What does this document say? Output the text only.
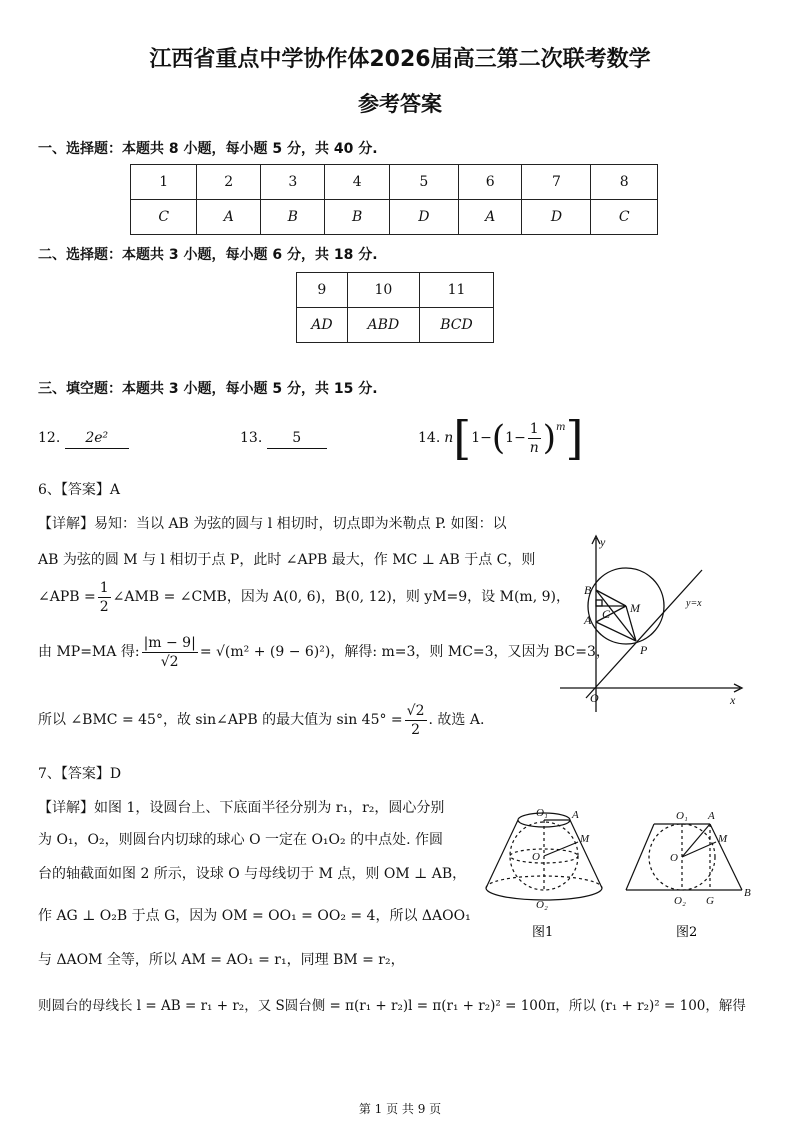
江西省重点中学协作体2026届高三第二次联考数学
参考答案
一、选择题：本题共 8 小题，每小题 5 分，共 40 分.
1	2	3	4	5	6	7	8
C	A	B	B	D	A	D	C
二、选择题：本题共 3 小题，每小题 6 分，共 18 分.
9	10	11
AD	ABD	BCD
三、填空题：本题共 3 小题，每小题 5 分，共 15 分.
12. 2e²	13. 5	14. n [ 1− ( $1- \frac{1}{n} )^m$ ]
6、【答案】A
【详解】易知：当以 AB 为弦的圆与 l 相切时，切点即为米勒点 P. 如图：以
AB 为弦的圆 M 与 l 相切于点 P，此时 ∠APB 最大，作 MC ⊥ AB 于点 C，则
∠APB = $\frac{1}{2}$ ∠AMB = ∠CMB，因为 A(0, 6)，B(0, 12)，则 yM=9，设 M(m, 9)，
由 MP=MA 得: $\frac{|m - 9|}{√2} = √(m^2 + (9 - 6)^2)$，解得: m=3，则 MC=3，又因为 BC=3，
所以 ∠BMC = 45°，故 sin∠APB 的最大值为 $\sin 45^\circ = \frac{√2}{2}$ . 故选 A.
y
x
B
A C M
P
O
y=x
7、【答案】D
【详解】如图 1，设圆台上、下底面半径分别为 r₁，r₂，圆心分别
为 O₁，O₂，则圆台内切球的球心 O 一定在 O₁O₂ 的中点处. 作圆
台的轴截面如图 2 所示，设球 O 与母线切于 M 点，则 OM ⊥ AB，
作 AG ⊥ O₂B 于点 G，因为 OM = OO₁ = OO₂ = 4，所以 ΔAOO₁
与 ΔAOM 全等，所以 AM = AO₁ = r₁，同理 BM = r₂，
则圆台的母线长 l = AB = r₁ + r₂，又 S圆台侧 = π(r₁ + r₂)l = π(r₁ + r₂)² = 100π，所以 (r₁ + r₂)² = 100，解得
O₁ A
M
O
O₂
图1
O₁ A
M
O
O₂ G
B
图2
第 1 页 共 9 页
